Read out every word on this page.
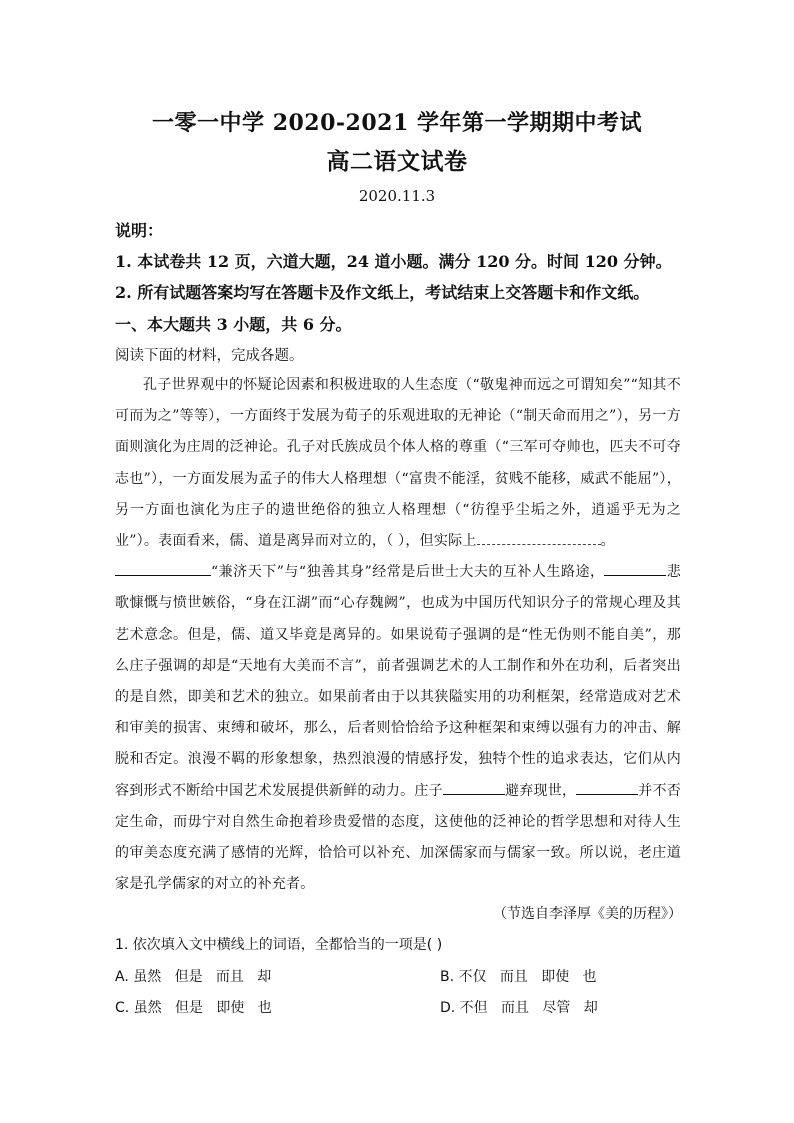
一零一中学 2020-2021 学年第一学期期中考试
高二语文试卷
2020.11.3
说明：
1. 本试卷共 12 页，六道大题，24 道小题。满分 120 分。时间 120 分钟。
2. 所有试题答案均写在答题卡及作文纸上，考试结束上交答题卡和作文纸。
一、本大题共 3 小题，共 6 分。
阅读下面的材料，完成各题。

孔子世界观中的怀疑论因素和积极进取的人生态度（“敬鬼神而远之可谓知矣”“知其不可而为之”等等），一方面终于发展为荀子的乐观进取的无神论（“制天命而用之”），另一方面则演化为庄周的泛神论。孔子对氏族成员个体人格的尊重（“三军可夺帅也，匹夫不可夺志也”），一方面发展为孟子的伟大人格理想（“富贵不能淫，贫贱不能移，威武不能屈”），另一方面也演化为庄子的遗世绝俗的独立人格理想（“彷徨乎尘垢之外，逍遥乎无为之业”）。表面看来，儒、道是离异而对立的，（ ），但实际上	。

“兼济天下”与“独善其身”经常是后世士大夫的互补人生路途，	悲歌慷慨与愤世嫉俗，“身在江湖”而“心存魏阙”，也成为中国历代知识分子的常规心理及其艺术意念。但是，儒、道又毕竟是离异的。如果说荀子强调的是“性无伪则不能自美”，那么庄子强调的却是“天地有大美而不言”，前者强调艺术的人工制作和外在功利，后者突出的是自然，即美和艺术的独立。如果前者由于以其狭隘实用的功利框架，经常造成对艺术和审美的损害、束缚和破坏，那么，后者则恰恰给予这种框架和束缚以强有力的冲击、解脱和否定。浪漫不羁的形象想象，热烈浪漫的情感抒发，独特个性的追求表达，它们从内容到形式不断给中国艺术发展提供新鲜的动力。庄子	避弃现世，	并不否定生命，而毋宁对自然生命抱着珍贵爱惜的态度，这使他的泛神论的哲学思想和对待人生的审美态度充满了感情的光辉，恰恰可以补充、加深儒家而与儒家一致。所以说，老庄道家是孔学儒家的对立的补充者。

（节选自李泽厚《美的历程》）
1. 依次填入文中横线上的词语，全都恰当的一项是( )
A. 虽然   但是   而且   却	B. 不仅   而且   即使   也
C. 虽然   但是   即使   也	D. 不但   而且   尽管   却
